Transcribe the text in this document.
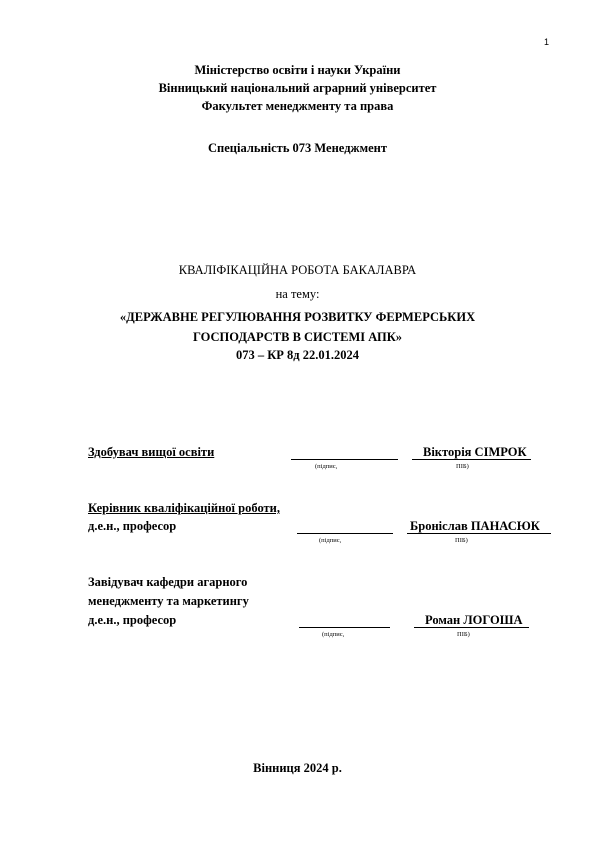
1
Міністерство освіти і науки України
Вінницький національний аграрний університет
Факультет менеджменту та права
Спеціальність 073 Менеджмент
КВАЛІФІКАЦІЙНА РОБОТА БАКАЛАВРА
на тему:
«ДЕРЖАВНЕ РЕГУЛЮВАННЯ РОЗВИТКУ ФЕРМЕРСЬКИХ
ГОСПОДАРСТВ В СИСТЕМІ АПК»
073 – КР 8д 22.01.2024
Здобувач вищої освіти	Вікторія СІМРОК
(підпис,	ПІБ)
Керівник кваліфікаційної роботи,
д.е.н., професор	Броніслав ПАНАСЮК
(підпис,	ПІБ)
Завідувач кафедри агарного
менеджменту та маркетингу
д.е.н., професор	Роман ЛОГОША
(підпис,	ПІБ)
Вінниця 2024 р.
